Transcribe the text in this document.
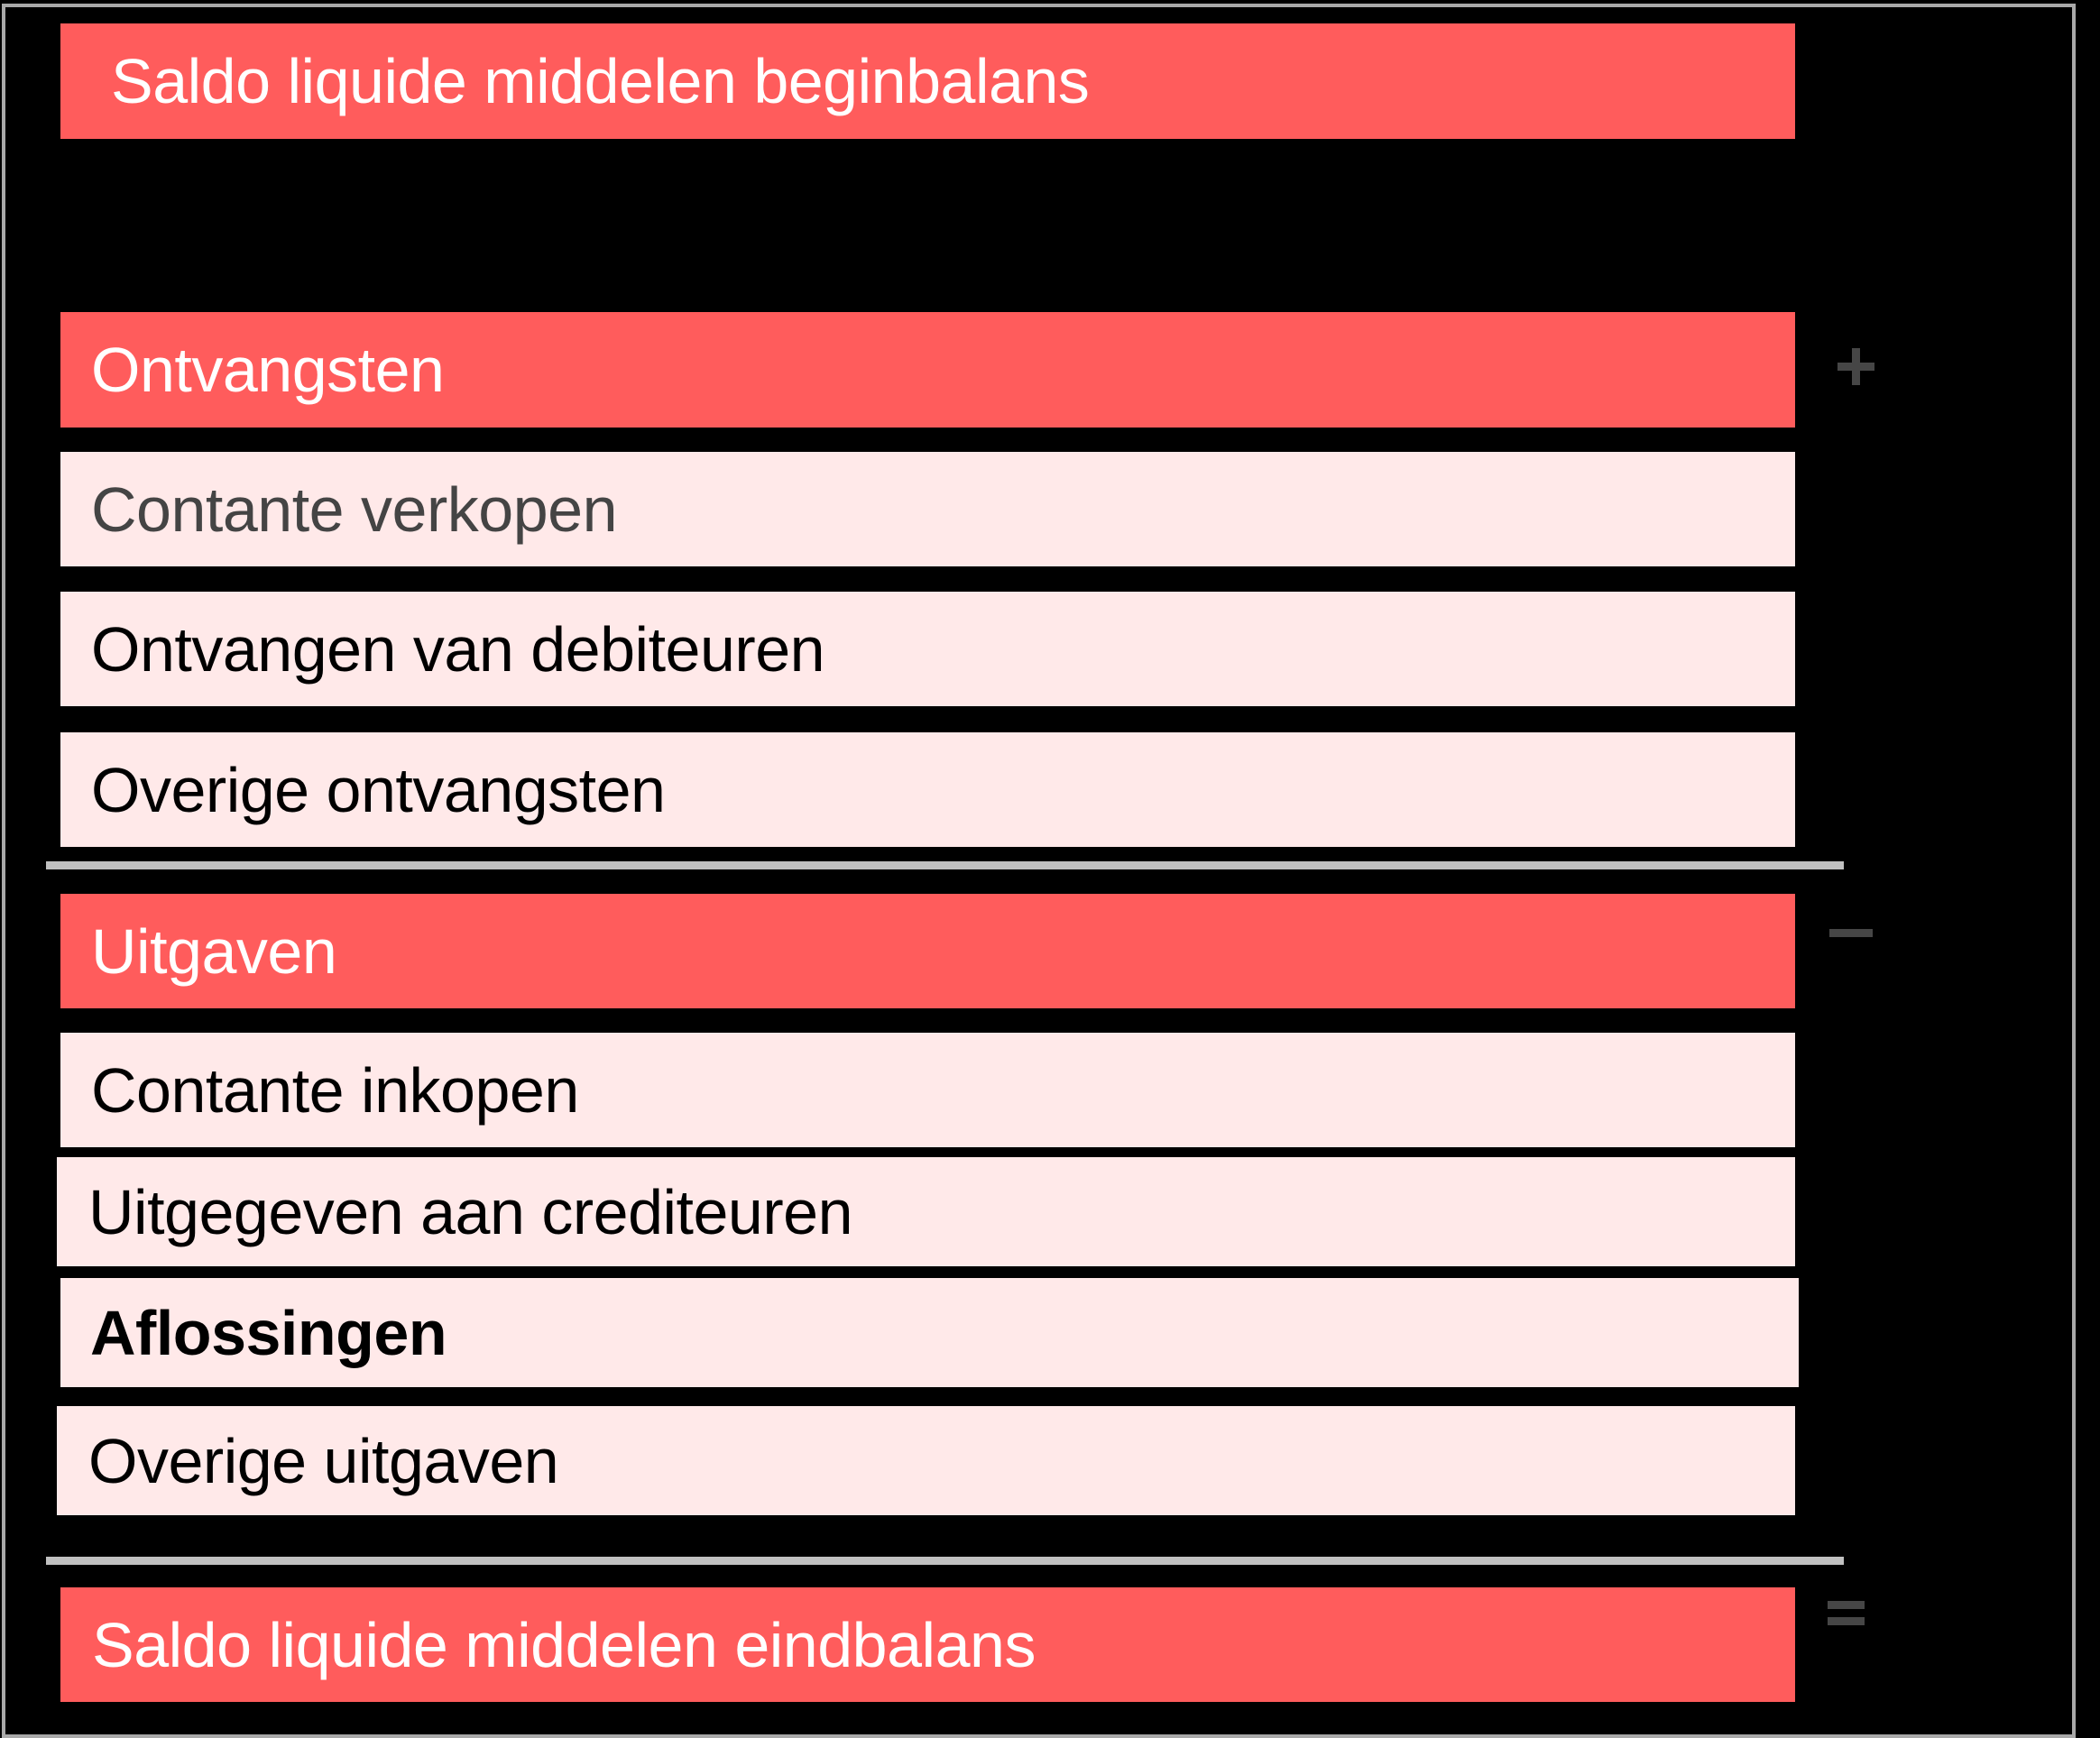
Saldo liquide middelen beginbalans
Ontvangsten
Contante verkopen
Ontvangen van debiteuren
Overige ontvangsten
Uitgaven
Contante inkopen
Uitgegeven aan crediteuren
Aflossingen
Overige uitgaven
Saldo liquide middelen eindbalans
